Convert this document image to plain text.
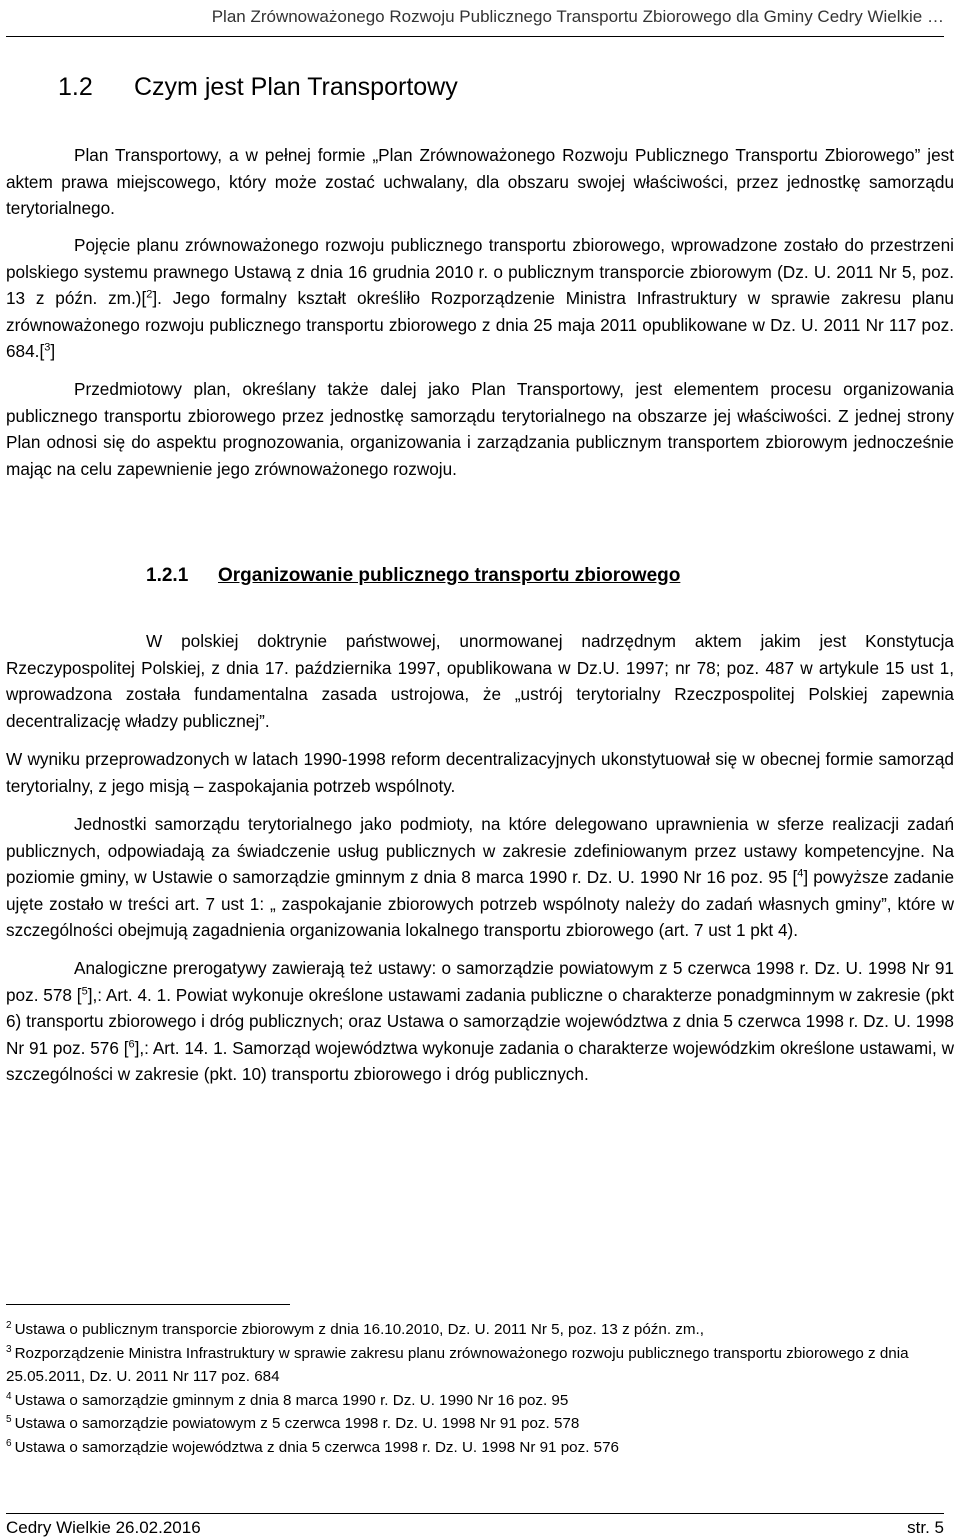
Plan Zrównoważonego Rozwoju Publicznego Transportu Zbiorowego dla Gminy Cedry Wielkie …
1.2 Czym jest Plan Transportowy

Plan Transportowy, a w pełnej formie „Plan Zrównoważonego Rozwoju Publicznego Transportu Zbiorowego” jest aktem prawa miejscowego, który może zostać uchwalany, dla obszaru swojej właściwości, przez jednostkę samorządu terytorialnego.

Pojęcie planu zrównoważonego rozwoju publicznego transportu zbiorowego, wprowadzone zostało do przestrzeni polskiego systemu prawnego Ustawą z dnia 16 grudnia 2010 r. o publicznym transporcie zbiorowym (Dz. U. 2011 Nr 5, poz. 13 z późn. zm.)[$^2$]. Jego formalny kształt określiło Rozporządzenie Ministra Infrastruktury w sprawie zakresu planu zrównoważonego rozwoju publicznego transportu zbiorowego z dnia 25 maja 2011 opublikowane w Dz. U. 2011 Nr 117 poz. 684.[$^3$]

Przedmiotowy plan, określany także dalej jako Plan Transportowy, jest elementem procesu organizowania publicznego transportu zbiorowego przez jednostkę samorządu terytorialnego na obszarze jej właściwości. Z jednej strony Plan odnosi się do aspektu prognozowania, organizowania i zarządzania publicznym transportem zbiorowym jednocześnie mając na celu zapewnienie jego zrównoważonego rozwoju.

1.2.1 Organizowanie publicznego transportu zbiorowego

W polskiej doktrynie państwowej, unormowanej nadrzędnym aktem jakim jest Konstytucja Rzeczypospolitej Polskiej, z dnia 17. października 1997, opublikowana w Dz.U. 1997; nr 78; poz. 487 w artykule 15 ust 1, wprowadzona została fundamentalna zasada ustrojowa, że „ustrój terytorialny Rzeczpospolitej Polskiej zapewnia decentralizację władzy publicznej”.

W wyniku przeprowadzonych w latach 1990-1998 reform decentralizacyjnych ukonstytuował się w obecnej formie samorząd terytorialny, z jego misją – zaspokajania potrzeb wspólnoty.

Jednostki samorządu terytorialnego jako podmioty, na które delegowano uprawnienia w sferze realizacji zadań publicznych, odpowiadają za świadczenie usług publicznych w zakresie zdefiniowanym przez ustawy kompetencyjne. Na poziomie gminy, w Ustawie o samorządzie gminnym z dnia 8 marca 1990 r. Dz. U. 1990 Nr 16 poz. 95 [$^4$] powyższe zadanie ujęte zostało w treści art. 7 ust 1: „ zaspokajanie zbiorowych potrzeb wspólnoty należy do zadań własnych gminy”, które w szczególności obejmują zagadnienia organizowania lokalnego transportu zbiorowego (art. 7 ust 1 pkt 4).

Analogiczne prerogatywy zawierają też ustawy: o samorządzie powiatowym z 5 czerwca 1998 r. Dz. U. 1998 Nr 91 poz. 578 [$^5$],: Art. 4. 1. Powiat wykonuje określone ustawami zadania publiczne o charakterze ponadgminnym w zakresie (pkt 6) transportu zbiorowego i dróg publicznych; oraz Ustawa o samorządzie województwa z dnia 5 czerwca 1998 r. Dz. U. 1998 Nr 91 poz. 576 [$^6$],: Art. 14. 1. Samorząd województwa wykonuje zadania o charakterze wojewódzkim określone ustawami, w szczególności w zakresie (pkt. 10) transportu zbiorowego i dróg publicznych.

$^2$ Ustawa o publicznym transporcie zbiorowym z dnia 16.10.2010, Dz. U. 2011 Nr 5, poz. 13 z późn. zm.,
$^3$ Rozporządzenie Ministra Infrastruktury w sprawie zakresu planu zrównoważonego rozwoju publicznego transportu zbiorowego z dnia 25.05.2011, Dz. U. 2011 Nr 117 poz. 684
$^4$ Ustawa o samorządzie gminnym z dnia 8 marca 1990 r. Dz. U. 1990 Nr 16 poz. 95
$^5$ Ustawa o samorządzie powiatowym z 5 czerwca 1998 r. Dz. U. 1998 Nr 91 poz. 578
$^6$ Ustawa o samorządzie województwa z dnia 5 czerwca 1998 r. Dz. U. 1998 Nr 91 poz. 576
Cedry Wielkie 26.02.2016	str. 5
